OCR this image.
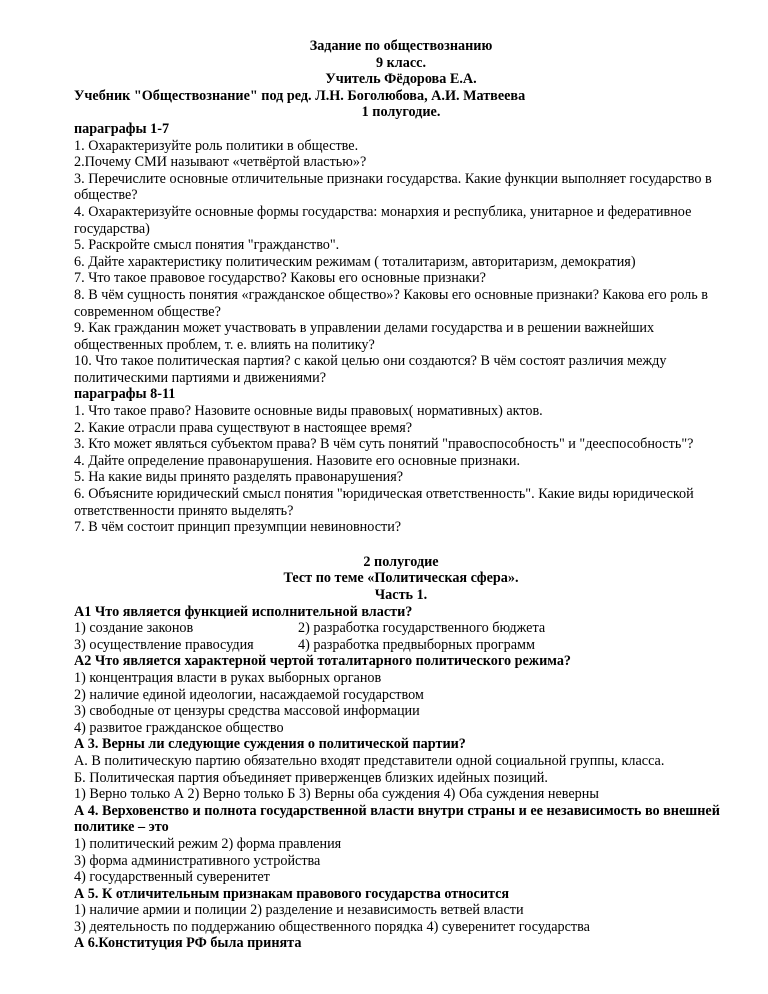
Задание по обществознанию
9 класс.
Учитель Фёдорова Е.А.
Учебник "Обществознание" под ред. Л.Н. Боголюбова, А.И. Матвеева
1 полугодие.
параграфы 1-7
1. Охарактеризуйте роль политики в обществе.
2.Почему СМИ называют «четвёртой властью»?
3. Перечислите основные отличительные признаки государства. Какие функции выполняет государство в обществе?
4. Охарактеризуйте основные формы государства: монархия и республика, унитарное и федеративное государства)
5. Раскройте смысл понятия "гражданство".
6. Дайте характеристику политическим режимам ( тоталитаризм, авторитаризм, демократия)
7. Что такое правовое государство? Каковы его основные признаки?
8. В чём сущность понятия «гражданское общество»? Каковы его основные признаки? Какова его роль в современном обществе?
9. Как гражданин может участвовать в управлении делами государства и в решении важнейших общественных проблем, т. е. влиять на политику?
10. Что такое политическая партия? с какой целью они создаются? В чём состоят различия между политическими партиями и движениями?
параграфы 8-11
1. Что такое право? Назовите основные виды правовых( нормативных) актов.
2. Какие отрасли права существуют в настоящее время?
3. Кто может являться субъектом права? В чём суть понятий "правоспособность" и "дееспособность"?
4. Дайте определение правонарушения. Назовите его основные признаки.
5. На какие виды принято разделять правонарушения?
6. Объясните юридический смысл понятия "юридическая ответственность". Какие виды юридической ответственности принято выделять?
7. В чём состоит принцип презумпции невиновности?
2 полугодие
Тест по теме «Политическая сфера».
Часть 1.
А1 Что является функцией исполнительной власти?
1) создание законов	2) разработка государственного бюджета
3) осуществление правосудия	4) разработка предвыборных программ
А2 Что является характерной чертой тоталитарного политического режима?
1) концентрация власти в руках выборных органов
2) наличие единой идеологии, насаждаемой государством
3) свободные от цензуры средства массовой информации
4) развитое гражданское общество
А 3. Верны ли следующие суждения о политической партии?
А. В политическую партию обязательно входят представители одной социальной группы, класса.
Б. Политическая партия объединяет приверженцев близких идейных позиций.
1) Верно только А 2) Верно только Б 3) Верны оба суждения 4) Оба суждения неверны
А 4. Верховенство и полнота государственной власти внутри страны и ее независимость во внешней политике – это
1) политический режим 2) форма правления
3) форма административного устройства
4) государственный суверенитет
А 5. К отличительным признакам правового государства относится
1) наличие армии и полиции 2) разделение и независимость ветвей власти
3) деятельность по поддержанию общественного порядка 4) суверенитет государства
А 6.Конституция РФ была принята
